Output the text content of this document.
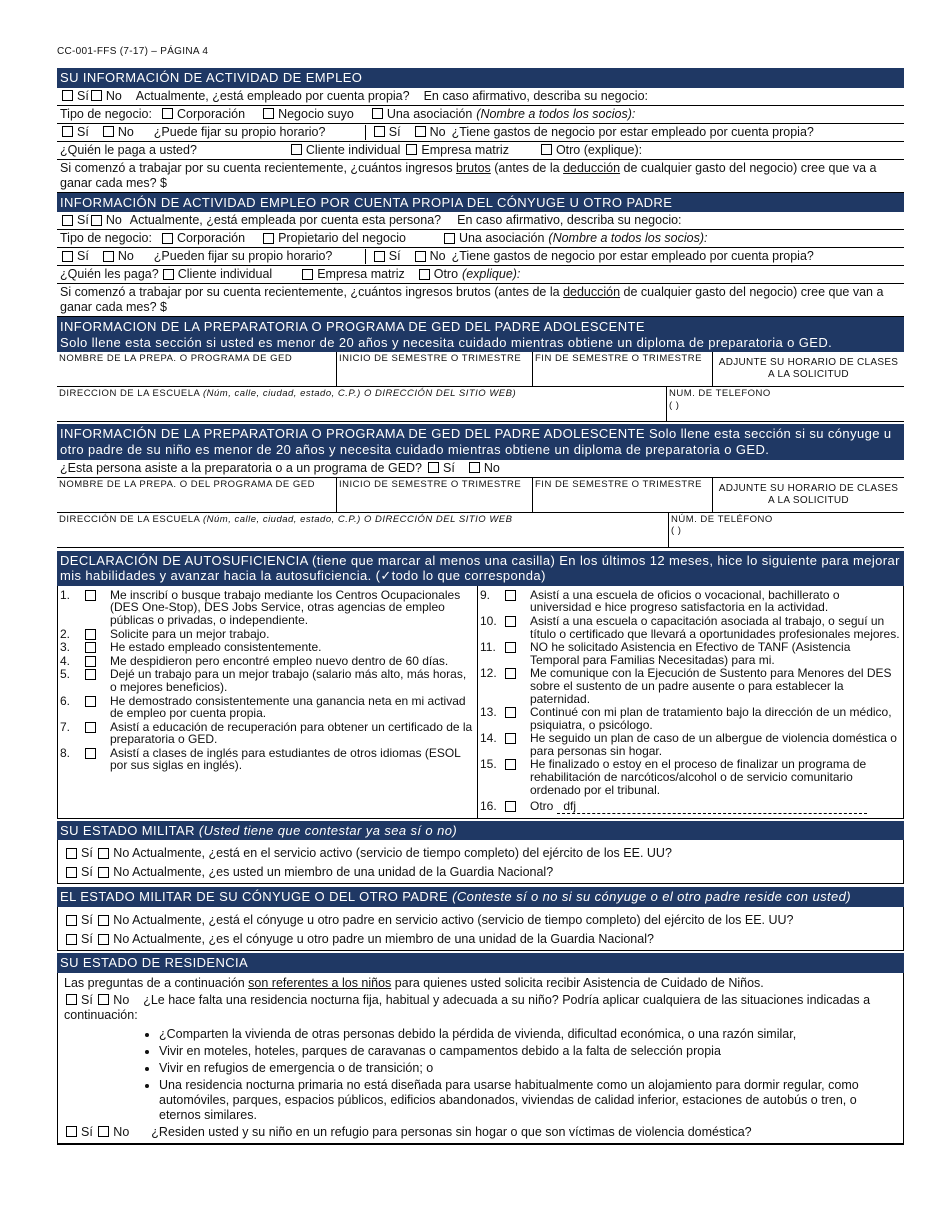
CC-001-FFS (7-17) – PÁGINA 4
SU INFORMACIÓN DE ACTIVIDAD DE EMPLEO
Sí No Actualmente, ¿está empleado por cuenta propia? En caso afirmativo, describa su negocio:
Tipo de negocio: Corporación	Negocio suyo	Una asociación (Nombre a todos los socios):
Sí No ¿Puede fijar su propio horario?	Sí No ¿Tiene gastos de negocio por estar empleado por cuenta propia?
¿Quién le paga a usted?	Cliente individual Empresa matriz	Otro (explique):
Si comenzó a trabajar por su cuenta recientemente, ¿cuántos ingresos brutos (antes de la deducción de cualquier gasto del negocio) cree que va a ganar cada mes? $
INFORMACIÓN DE ACTIVIDAD EMPLEO POR CUENTA PROPIA DEL CÓNYUGE U OTRO PADRE
Sí No Actualmente, ¿está empleada por cuenta esta persona? En caso afirmativo, describa su negocio:
Tipo de negocio: Corporación	Propietario del negocio	Una asociación (Nombre a todos los socios):
Sí No ¿Pueden fijar su propio horario?	Sí No ¿Tiene gastos de negocio por estar empleado por cuenta propia?
¿Quién les paga? Cliente individual	Empresa matriz Otro (explique):
Si comenzó a trabajar por su cuenta recientemente, ¿cuántos ingresos brutos (antes de la deducción de cualquier gasto del negocio) cree que van a ganar cada mes? $
INFORMACION DE LA PREPARATORIA O PROGRAMA DE GED DEL PADRE ADOLESCENTE
Solo llene esta sección si usted es menor de 20 años y necesita cuidado mientras obtiene un diploma de preparatoria o GED.
NOMBRE DE LA PREPA. O PROGRAMA DE GED	INICIO DE SEMESTRE O TRIMESTRE	FIN DE SEMESTRE O TRIMESTRE	ADJUNTE SU HORARIO DE CLASES A LA SOLICITUD
DIRECCION DE LA ESCUELA (Núm, calle, ciudad, estado, C.P.) O DIRECCIÓN DEL SITIO WEB)	NUM. DE TELEFONO
( )
INFORMACIÓN DE LA PREPARATORIA O PROGRAMA DE GED DEL PADRE ADOLESCENTE Solo llene esta sección si su cónyuge u otro padre de su niño es menor de 20 años y necesita cuidado mientras obtiene un diploma de preparatoria o GED.
¿Esta persona asiste a la preparatoria o a un programa de GED? Sí No
NOMBRE DE LA PREPA. O DEL PROGRAMA DE GED	INICIO DE SEMESTRE O TRIMESTRE	FIN DE SEMESTRE O TRIMESTRE	ADJUNTE SU HORARIO DE CLASES A LA SOLICITUD
DIRECCIÓN DE LA ESCUELA (Núm, calle, ciudad, estado, C.P.) O DIRECCIÓN DEL SITIO WEB	NÚM. DE TELÉFONO
( )
DECLARACIÓN DE AUTOSUFICIENCIA (tiene que marcar al menos una casilla) En los últimos 12 meses, hice lo siguiente para mejorar mis habilidades y avanzar hacia la autosuficiencia. (✓todo lo que corresponda)
1.	Me inscribí o busque trabajo mediante los Centros Ocupacionales (DES One-Stop), DES Jobs Service, otras agencias de empleo públicas o privadas, o independiente.
2.	Solicite para un mejor trabajo.
3.	He estado empleado consistentemente.
4.	Me despidieron pero encontré empleo nuevo dentro de 60 días.
5.	Dejé un trabajo para un mejor trabajo (salario más alto, más horas, o mejores beneficios).
6.	He demostrado consistentemente una ganancia neta en mi activad de empleo por cuenta propia.
7.	Asistí a educación de recuperación para obtener un certificado de la preparatoria o GED.
8.	Asistí a clases de inglés para estudiantes de otros idiomas (ESOL por sus siglas en inglés).
9.	Asistí a una escuela de oficios o vocacional, bachillerato o universidad e hice progreso satisfactoria en la actividad.
10.	Asistí a una escuela o capacitación asociada al trabajo, o seguí un título o certificado que llevará a oportunidades profesionales mejores.
11.	NO he solicitado Asistencia en Efectivo de TANF (Asistencia Temporal para Familias Necesitadas) para mi.
12.	Me comunique con la Ejecución de Sustento para Menores del DES sobre el sustento de un padre ausente o para establecer la paternidad.
13.	Continué con mi plan de tratamiento bajo la dirección de un médico, psiquiatra, o psicólogo.
14.	He seguido un plan de caso de un albergue de violencia doméstica o para personas sin hogar.
15.	He finalizado o estoy en el proceso de finalizar un programa de rehabilitación de narcóticos/alcohol o de servicio comunitario ordenado por el tribunal.
16.	Otro dfj
SU ESTADO MILITAR (Usted tiene que contestar ya sea sí o no)
Sí No Actualmente, ¿está en el servicio activo (servicio de tiempo completo) del ejército de los EE. UU?
Sí No Actualmente, ¿es usted un miembro de una unidad de la Guardia Nacional?
EL ESTADO MILITAR DE SU CÓNYUGE O DEL OTRO PADRE (Conteste sí o no si su cónyuge o el otro padre reside con usted)
Sí No Actualmente, ¿está el cónyuge u otro padre en servicio activo (servicio de tiempo completo) del ejército de los EE. UU?
Sí No Actualmente, ¿es el cónyuge u otro padre un miembro de una unidad de la Guardia Nacional?
SU ESTADO DE RESIDENCIA
Las preguntas de a continuación son referentes a los niños para quienes usted solicita recibir Asistencia de Cuidado de Niños.
Sí No ¿Le hace falta una residencia nocturna fija, habitual y adecuada a su niño? Podría aplicar cualquiera de las situaciones indicadas a continuación:
• ¿Comparten la vivienda de otras personas debido la pérdida de vivienda, dificultad económica, o una razón similar,
• Vivir en moteles, hoteles, parques de caravanas o campamentos debido a la falta de selección propia
• Vivir en refugios de emergencia o de transición; o
• Una residencia nocturna primaria no está diseñada para usarse habitualmente como un alojamiento para dormir regular, como automóviles, parques, espacios públicos, edificios abandonados, viviendas de calidad inferior, estaciones de autobús o tren, o eternos similares.
Sí No ¿Residen usted y su niño en un refugio para personas sin hogar o que son víctimas de violencia doméstica?
